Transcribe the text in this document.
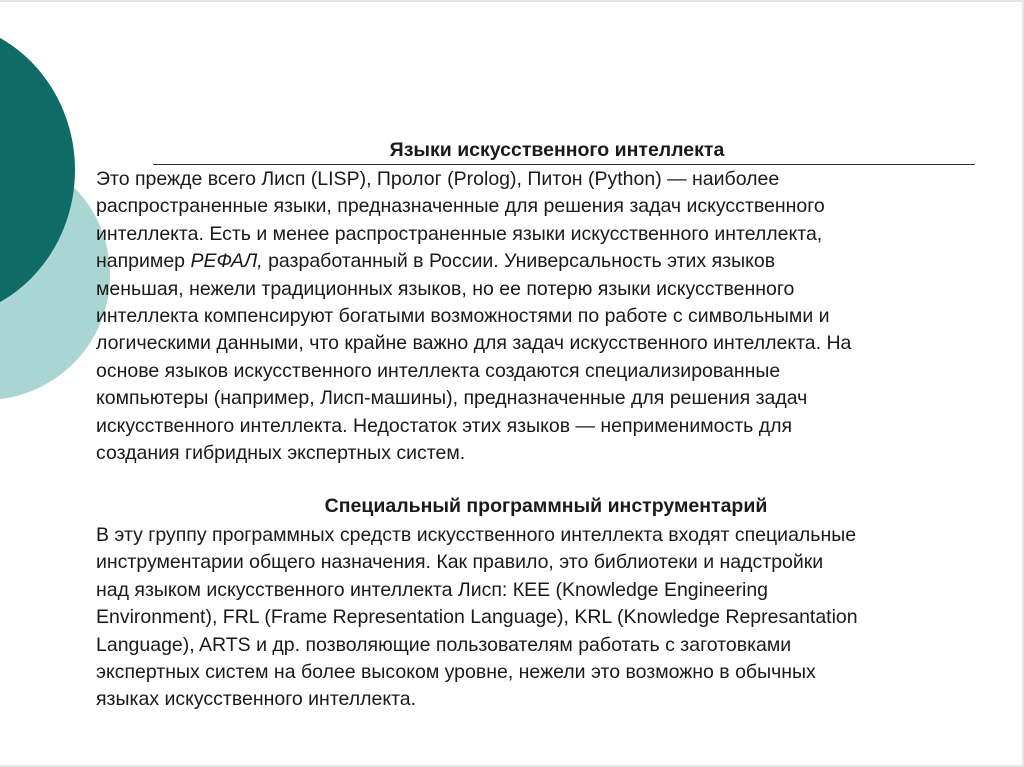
Языки искусственного интеллекта

Это прежде всего Лисп (LISP), Пролог (Prolog), Питон (Python) — наиболее
распространенные языки, предназначенные для решения задач искусственного
интеллекта. Есть и менее распространенные языки искусственного интеллекта,
например РЕФАЛ, разработанный в России. Универсальность этих языков
меньшая, нежели традиционных языков, но ее потерю языки искусственного
интеллекта компенсируют богатыми возможностями по работе с символьными и
логическими данными, что крайне важно для задач искусственного интеллекта. На
основе языков искусственного интеллекта создаются специализированные
компьютеры (например, Лисп-машины), предназначенные для решения задач
искусственного интеллекта. Недостаток этих языков — неприменимость для
создания гибридных экспертных систем.

Специальный программный инструментарий

В эту группу программных средств искусственного интеллекта входят специальные
инструментарии общего назначения. Как правило, это библиотеки и надстройки
над языком искусственного интеллекта Лисп: КЕЕ (Knowledge Engineering
Environment), FRL (Frame Representation Language), KRL (Knowledge Represantation
Language), ARTS и др. позволяющие пользователям работать с заготовками
экспертных систем на более высоком уровне, нежели это возможно в обычных
языках искусственного интеллекта.
